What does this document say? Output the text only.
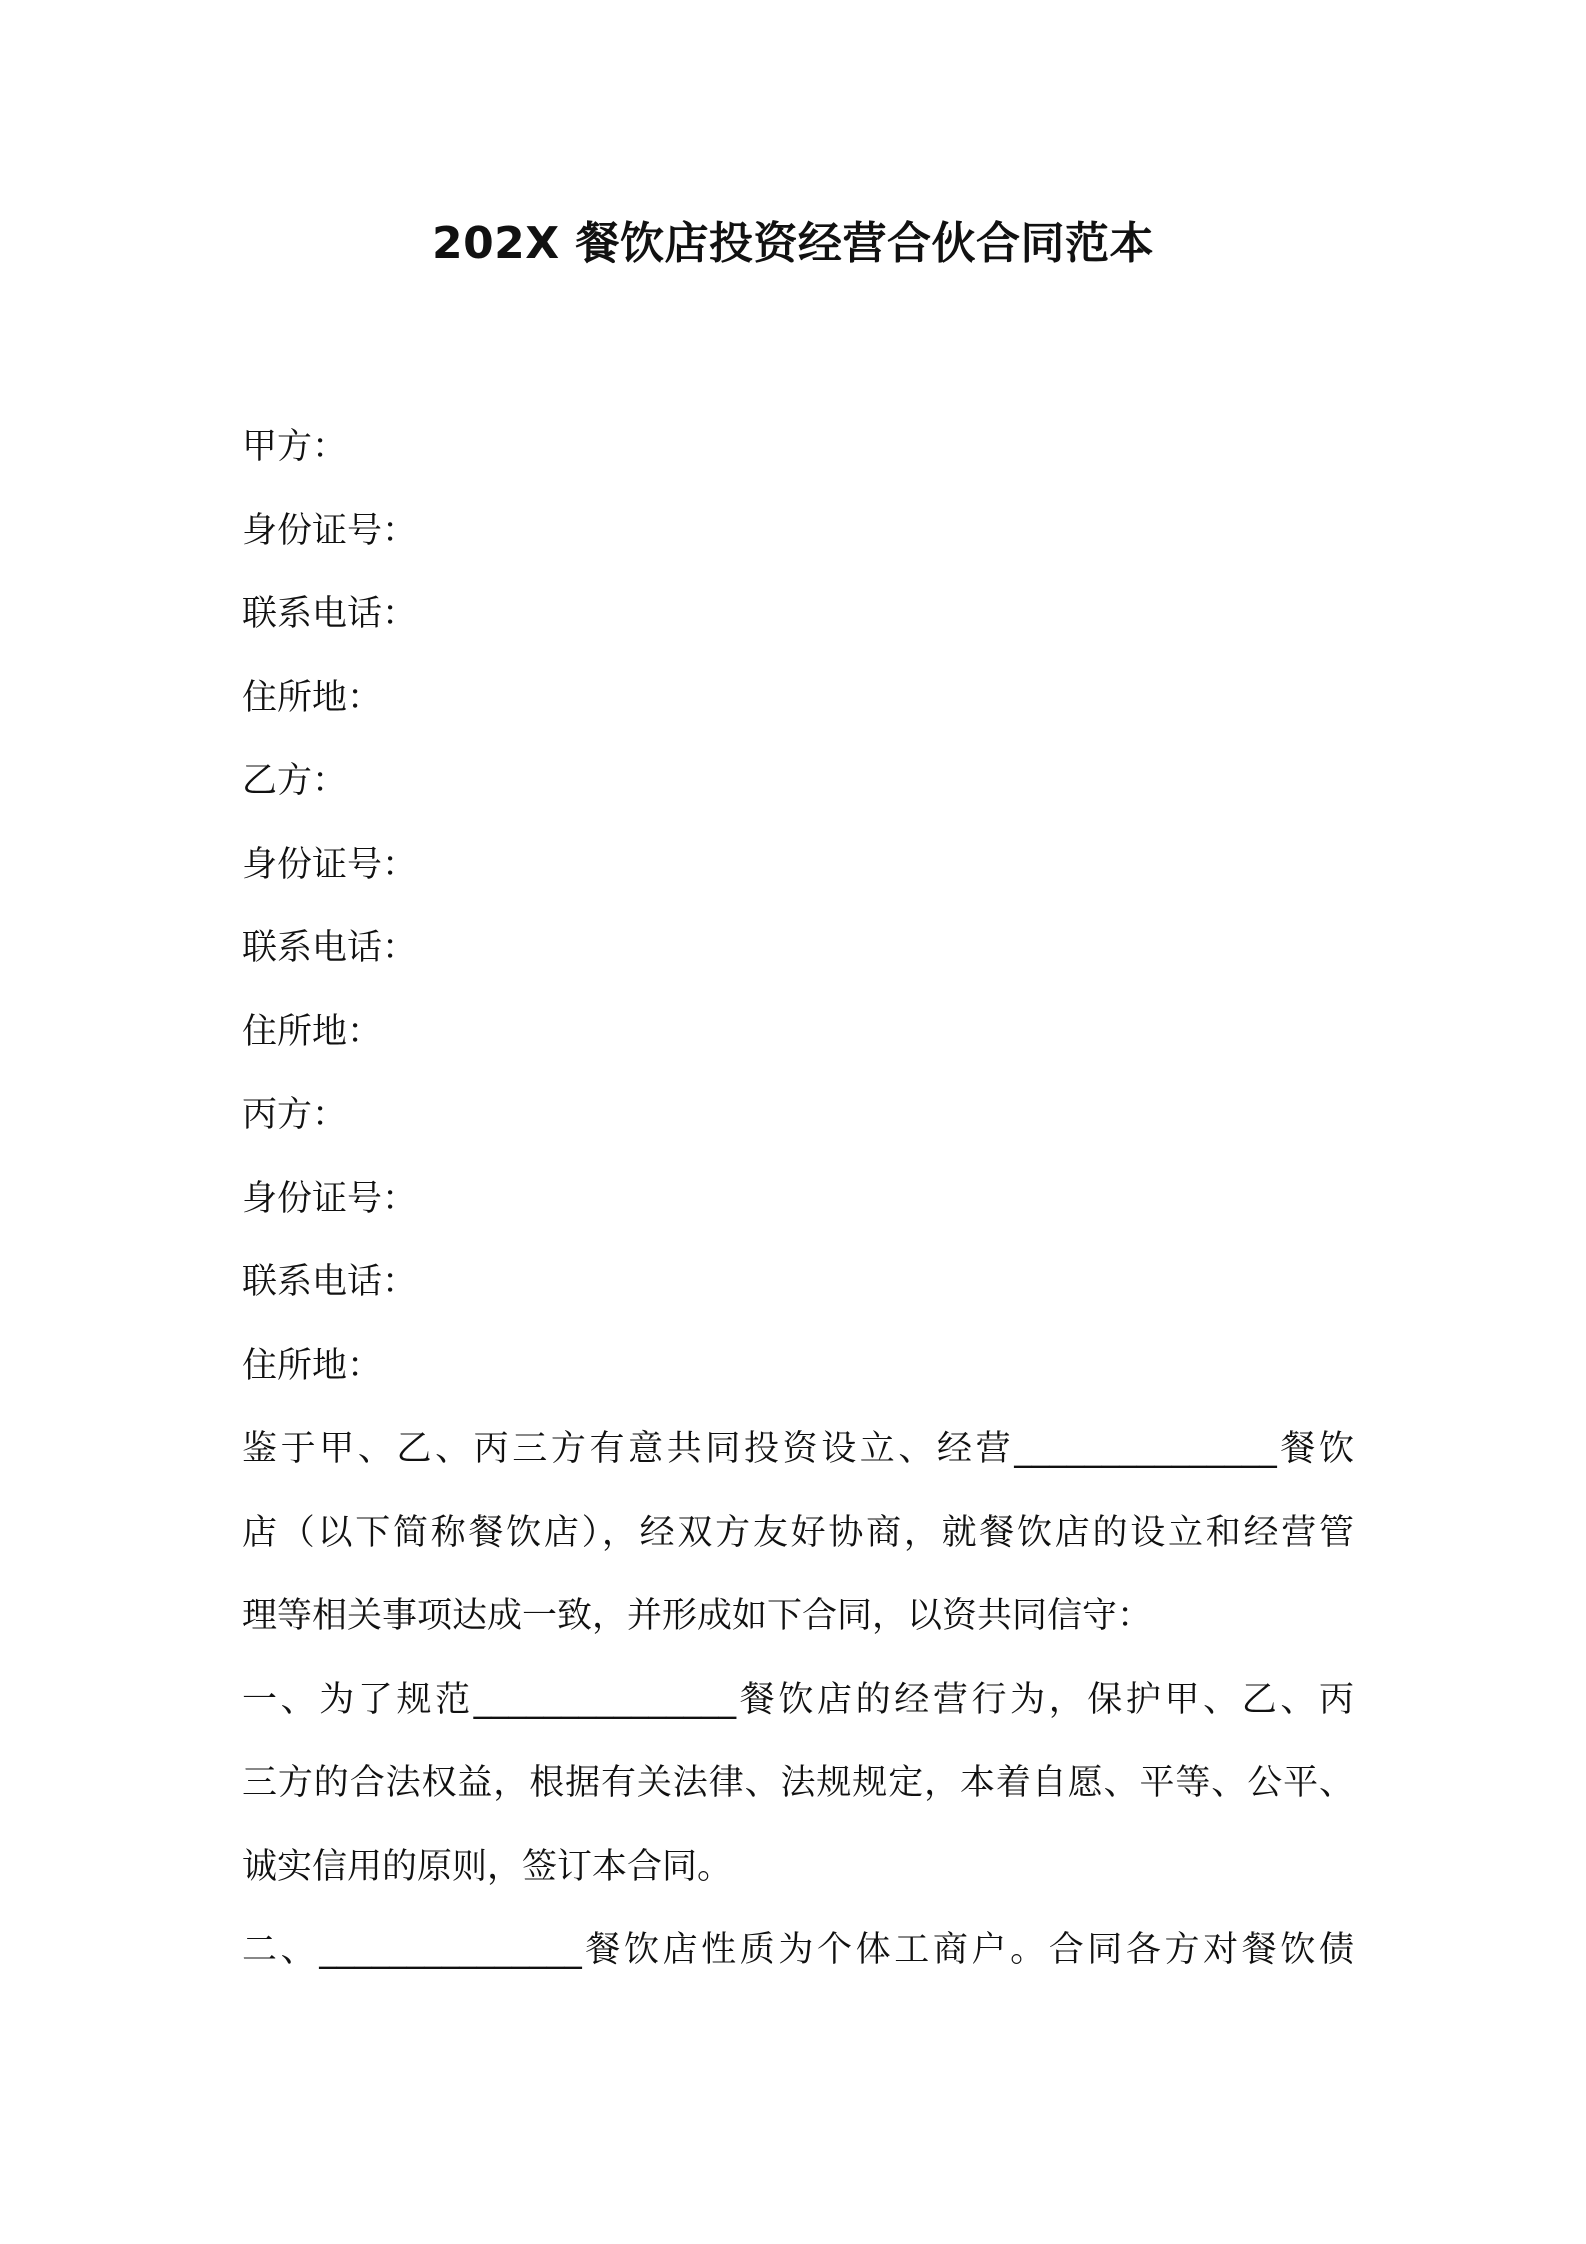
202X 餐饮店投资经营合伙合同范本
甲方：
身份证号：
联系电话：
住所地：
乙方：
身份证号：
联系电话：
住所地：
丙方：
身份证号：
联系电话：
住所地：
鉴于甲、乙、丙三方有意共同投资设立、经营_______________餐饮
店（以下简称餐饮店），经双方友好协商，就餐饮店的设立和经营管
理等相关事项达成一致，并形成如下合同，以资共同信守：
一、为了规范_______________餐饮店的经营行为，保护甲、乙、丙
三方的合法权益，根据有关法律、法规规定，本着自愿、平等、公平、
诚实信用的原则，签订本合同。
二、_______________餐饮店性质为个体工商户。合同各方对餐饮债
